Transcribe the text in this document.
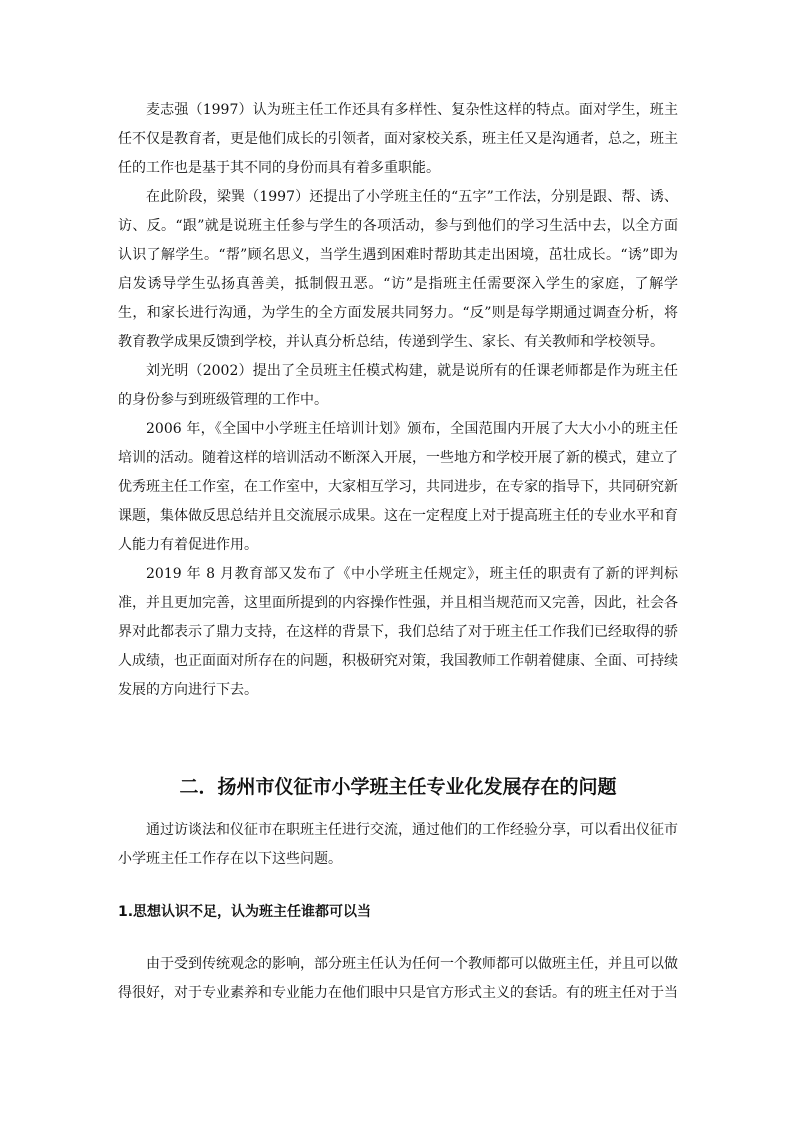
麦志强（1997）认为班主任工作还具有多样性、复杂性这样的特点。面对学生，班主任不仅是教育者，更是他们成长的引领者，面对家校关系，班主任又是沟通者，总之，班主任的工作也是基于其不同的身份而具有着多重职能。

在此阶段，梁巽（1997）还提出了小学班主任的“五字”工作法，分别是跟、帮、诱、访、反。“跟”就是说班主任参与学生的各项活动，参与到他们的学习生活中去，以全方面认识了解学生。“帮”顾名思义，当学生遇到困难时帮助其走出困境，茁壮成长。“诱”即为启发诱导学生弘扬真善美，抵制假丑恶。“访”是指班主任需要深入学生的家庭，了解学生，和家长进行沟通，为学生的全方面发展共同努力。“反”则是每学期通过调查分析，将教育教学成果反馈到学校，并认真分析总结，传递到学生、家长、有关教师和学校领导。

刘光明（2002）提出了全员班主任模式构建，就是说所有的任课老师都是作为班主任的身份参与到班级管理的工作中。

2006 年，《全国中小学班主任培训计划》颁布，全国范围内开展了大大小小的班主任培训的活动。随着这样的培训活动不断深入开展，一些地方和学校开展了新的模式，建立了优秀班主任工作室，在工作室中，大家相互学习，共同进步，在专家的指导下，共同研究新课题，集体做反思总结并且交流展示成果。这在一定程度上对于提高班主任的专业水平和育人能力有着促进作用。

2019 年 8 月教育部又发布了《中小学班主任规定》，班主任的职责有了新的评判标准，并且更加完善，这里面所提到的内容操作性强，并且相当规范而又完善，因此，社会各界对此都表示了鼎力支持，在这样的背景下，我们总结了对于班主任工作我们已经取得的骄人成绩，也正面面对所存在的问题，积极研究对策，我国教师工作朝着健康、全面、可持续发展的方向进行下去。

二．扬州市仪征市小学班主任专业化发展存在的问题

通过访谈法和仪征市在职班主任进行交流，通过他们的工作经验分享，可以看出仪征市小学班主任工作存在以下这些问题。

1.思想认识不足，认为班主任谁都可以当

由于受到传统观念的影响，部分班主任认为任何一个教师都可以做班主任，并且可以做得很好，对于专业素养和专业能力在他们眼中只是官方形式主义的套话。有的班主任对于当
